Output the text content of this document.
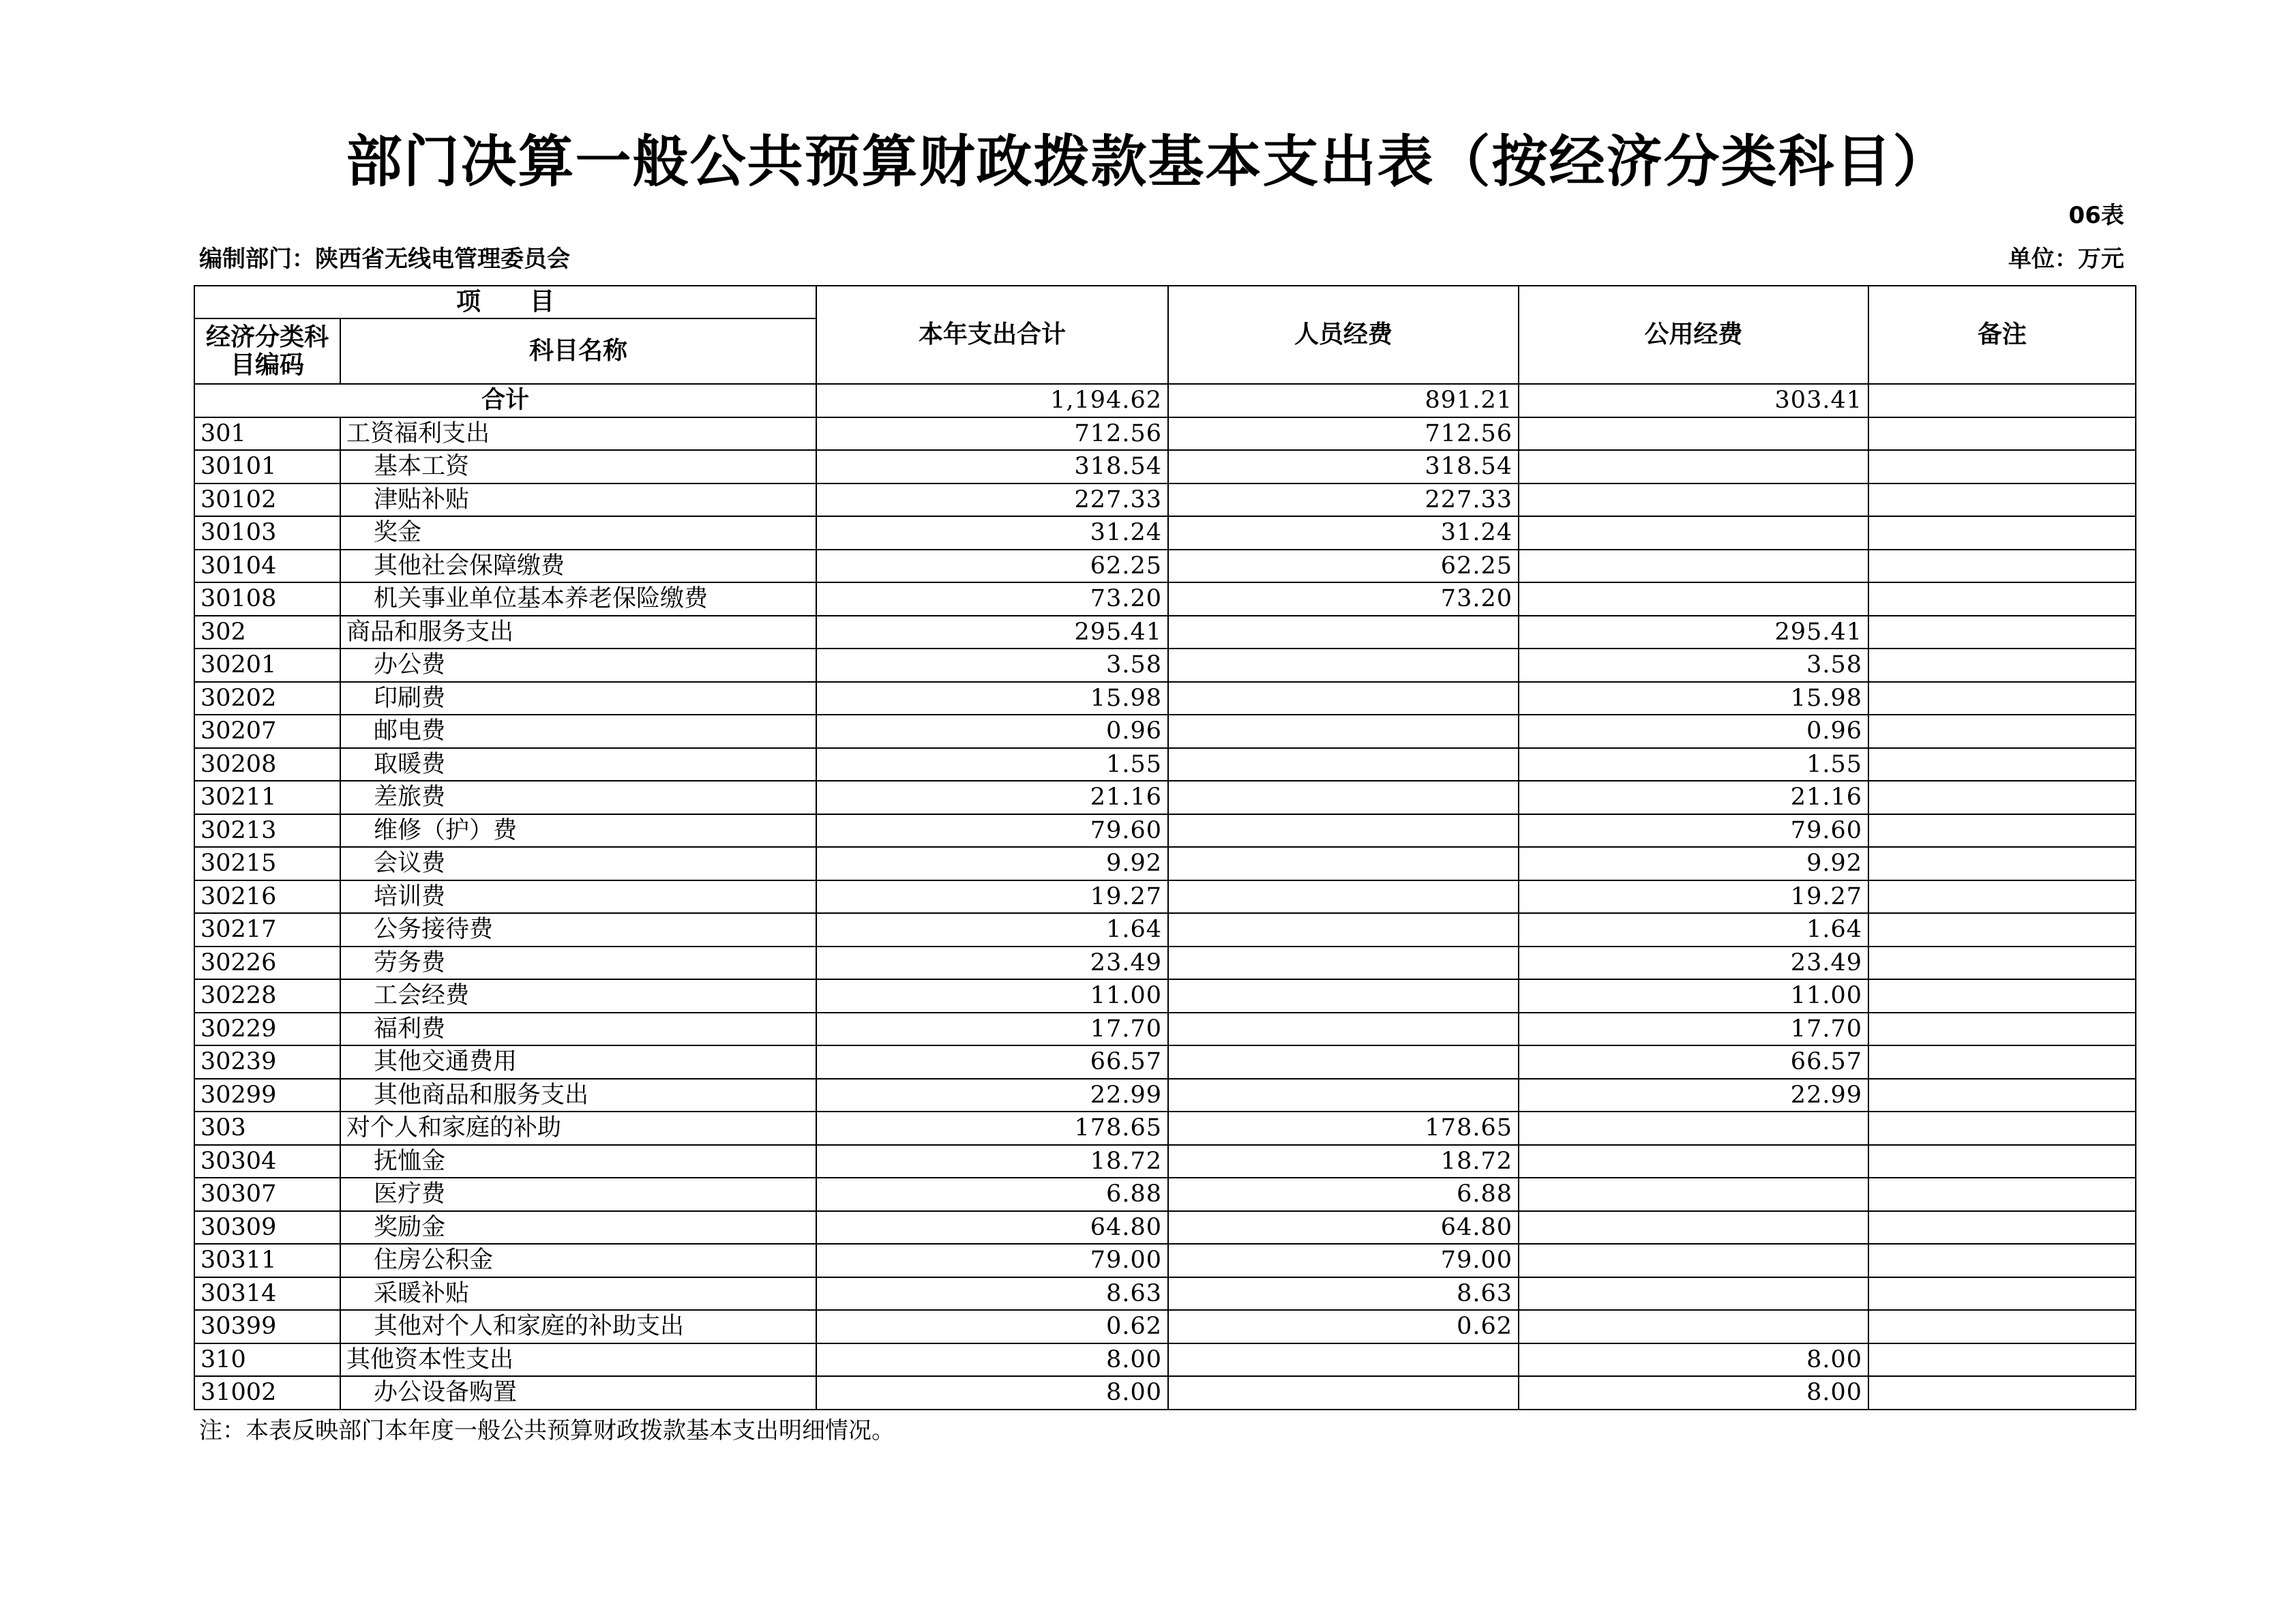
部门决算一般公共预算财政拨款基本支出表（按经济分类科目）
06表
编制部门：陕西省无线电管理委员会	单位：万元
项　　目		本年支出合计	人员经费	公用经费	备注
经济分类科目编码	科目名称				
合计		1,194.62	891.21	303.41	
301	工资福利支出	712.56	712.56		
30101	基本工资	318.54	318.54		
30102	津贴补贴	227.33	227.33		
30103	奖金	31.24	31.24		
30104	其他社会保障缴费	62.25	62.25		
30108	机关事业单位基本养老保险缴费	73.20	73.20		
302	商品和服务支出	295.41		295.41	
30201	办公费	3.58		3.58	
30202	印刷费	15.98		15.98	
30207	邮电费	0.96		0.96	
30208	取暖费	1.55		1.55	
30211	差旅费	21.16		21.16	
30213	维修（护）费	79.60		79.60	
30215	会议费	9.92		9.92	
30216	培训费	19.27		19.27	
30217	公务接待费	1.64		1.64	
30226	劳务费	23.49		23.49	
30228	工会经费	11.00		11.00	
30229	福利费	17.70		17.70	
30239	其他交通费用	66.57		66.57	
30299	其他商品和服务支出	22.99		22.99	
303	对个人和家庭的补助	178.65	178.65		
30304	抚恤金	18.72	18.72		
30307	医疗费	6.88	6.88		
30309	奖励金	64.80	64.80		
30311	住房公积金	79.00	79.00		
30314	采暖补贴	8.63	8.63		
30399	其他对个人和家庭的补助支出	0.62	0.62		
310	其他资本性支出	8.00		8.00	
31002	办公设备购置	8.00		8.00	
注：本表反映部门本年度一般公共预算财政拨款基本支出明细情况。
